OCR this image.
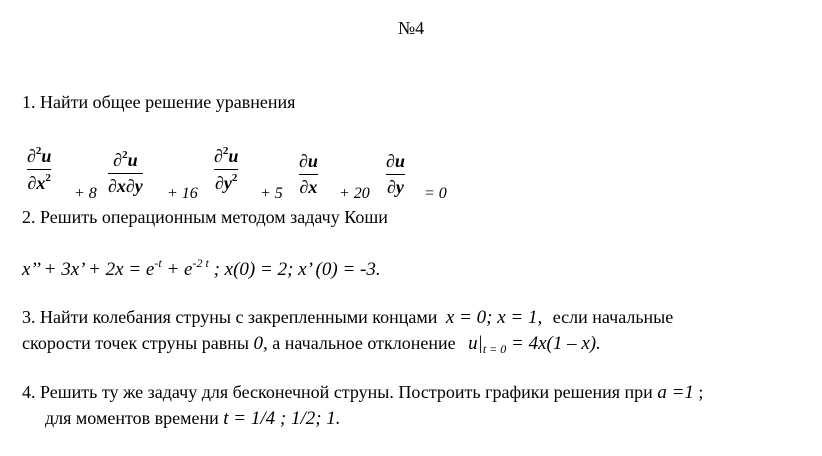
№4
1. Найти общее решение уравнения
∂$^2$u
$\partial x^2$
+ 8
∂$^2$u
∂x∂y + 16
∂$^2$u
$\partial y^2$
+ 5
∂u
∂x + 20
∂u
∂y = 0
2. Решить операционным методом задачу Коши
x’’ + 3x’ + $2x = e^{-t} + e^{-2 t}$ ; x(0) = 2; x’ (0) = -3.
3. Найти колебания струны с закрепленными концами x = 0; x = 1, если начальные
скорости точек струны равны 0, а начальное отклонение $u|_{t = 0} = 4x(1 - x)$.
4. Решить ту же задачу для бесконечной струны. Построить графики решения при a =1 ;
для моментов времени t = 1/4 ; 1/2; 1.
